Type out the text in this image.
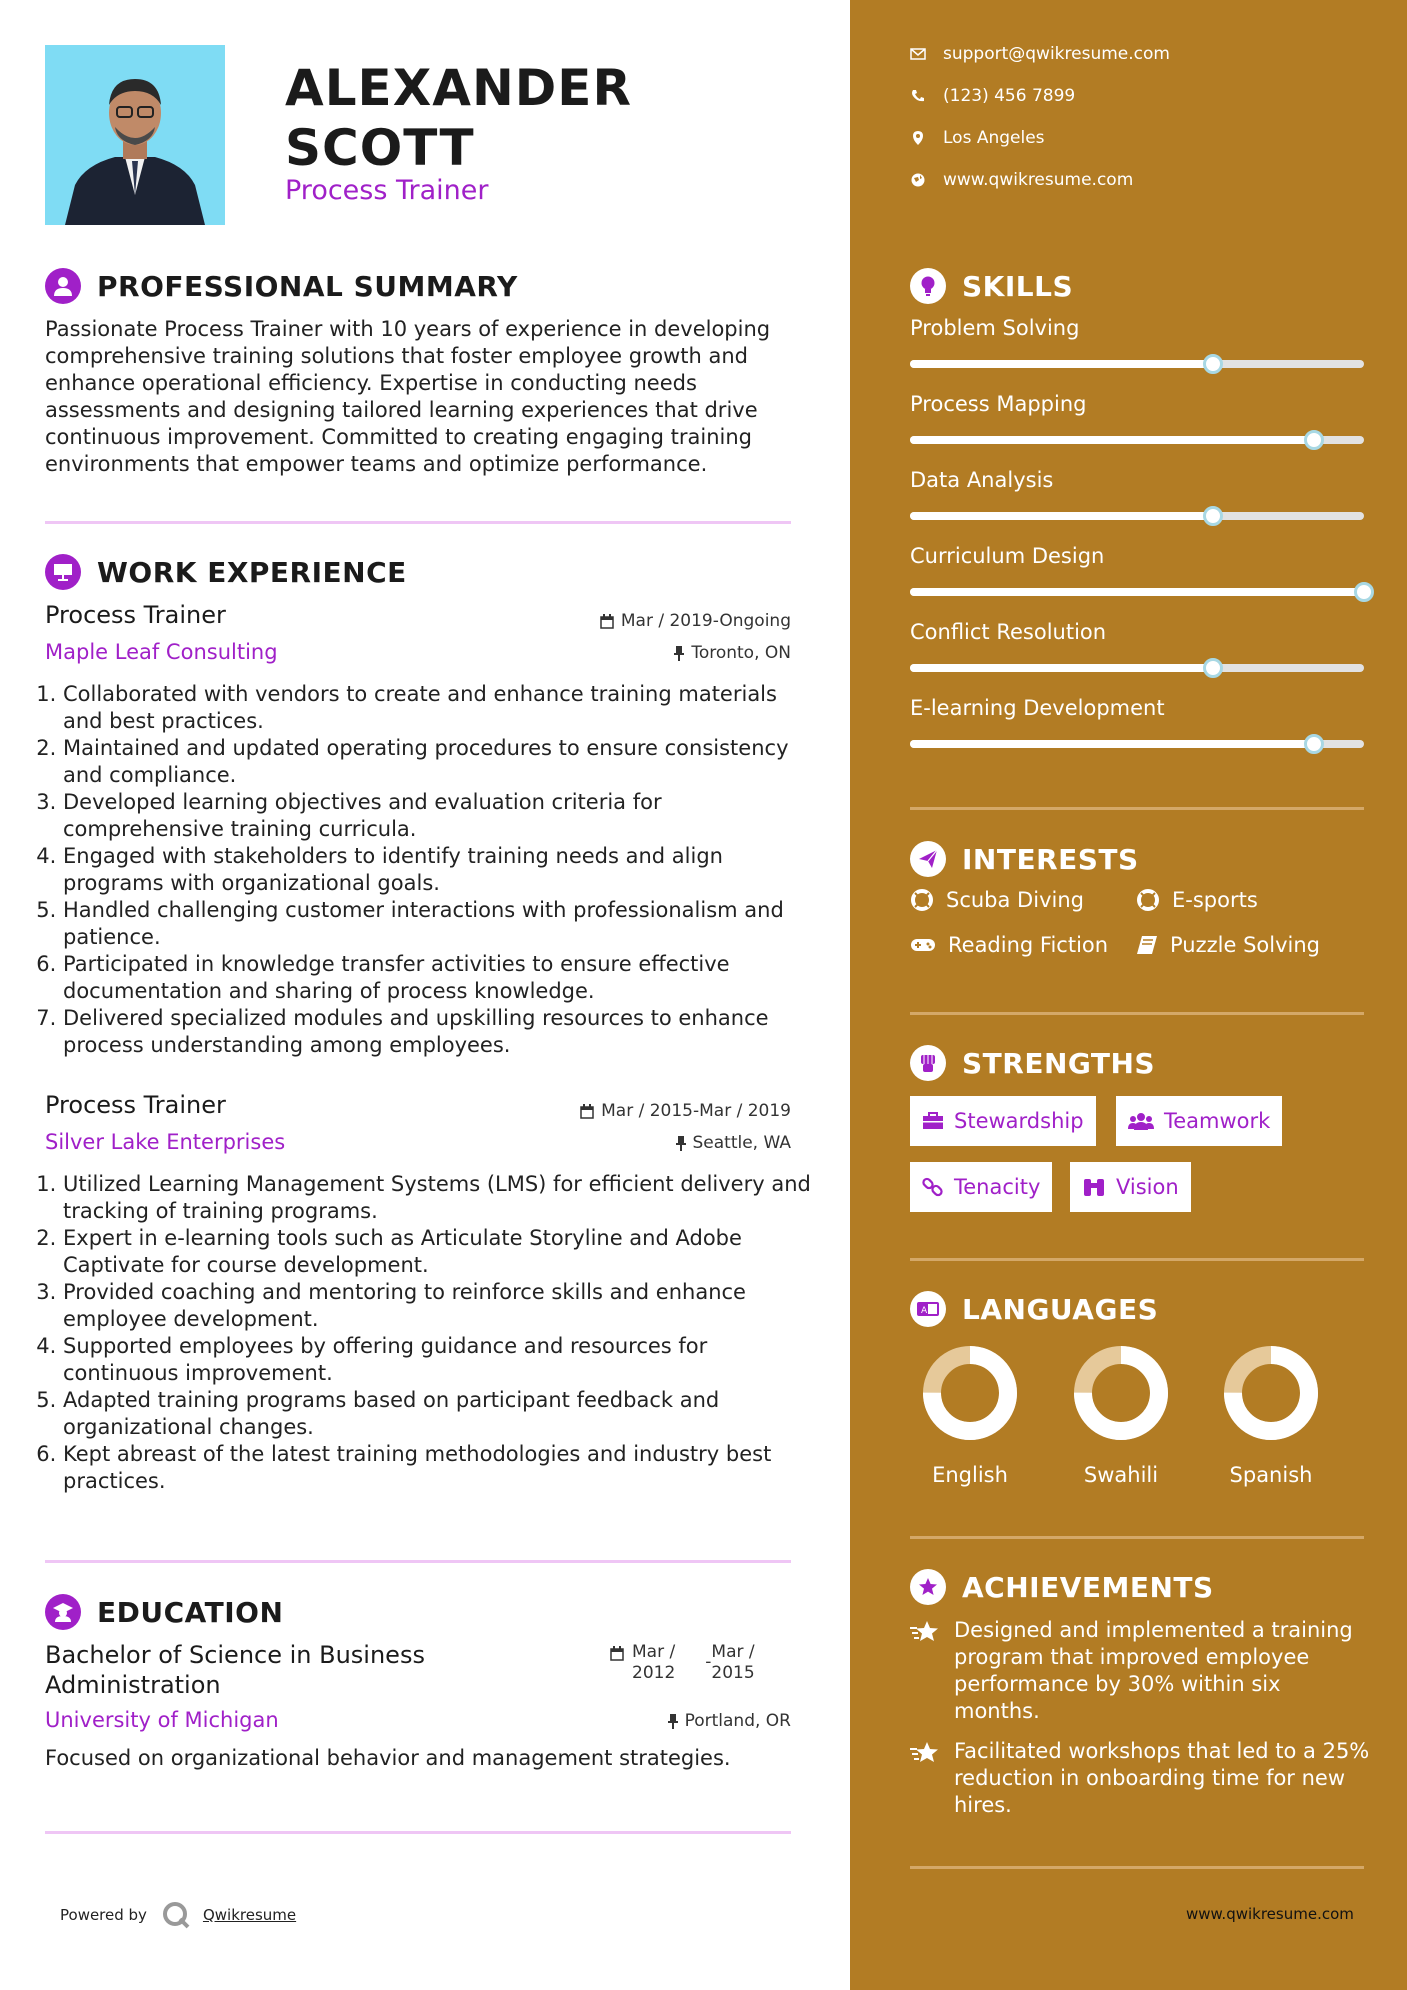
ALEXANDER
SCOTT
Process Trainer
PROFESSIONAL SUMMARY

Passionate Process Trainer with 10 years of experience in developing comprehensive training solutions that foster employee growth and enhance operational efficiency. Expertise in conducting needs assessments and designing tailored learning experiences that drive continuous improvement. Committed to creating engaging training environments that empower teams and optimize performance.

WORK EXPERIENCE
Process Trainer	Mar / 2019-Ongoing
Maple Leaf Consulting	Toronto, ON
1. Collaborated with vendors to create and enhance training materials and best practices.
2. Maintained and updated operating procedures to ensure consistency and compliance.
3. Developed learning objectives and evaluation criteria for comprehensive training curricula.
4. Engaged with stakeholders to identify training needs and align programs with organizational goals.
5. Handled challenging customer interactions with professionalism and patience.
6. Participated in knowledge transfer activities to ensure effective documentation and sharing of process knowledge.
7. Delivered specialized modules and upskilling resources to enhance process understanding among employees.
Process Trainer	Mar / 2015-Mar / 2019
Silver Lake Enterprises	Seattle, WA
1. Utilized Learning Management Systems (LMS) for efficient delivery and tracking of training programs.
2. Expert in e-learning tools such as Articulate Storyline and Adobe Captivate for course development.
3. Provided coaching and mentoring to reinforce skills and enhance employee development.
4. Supported employees by offering guidance and resources for continuous improvement.
5. Adapted training programs based on participant feedback and organizational changes.
6. Kept abreast of the latest training methodologies and industry best practices.
EDUCATION
Bachelor of Science in Business Administration
Mar /
2012
- Mar /
2015
University of Michigan	Portland, OR
Focused on organizational behavior and management strategies.
Powered by	Qwikresume
support@qwikresume.com
(123) 456 7899
Los Angeles
www.qwikresume.com
SKILLS
INTERESTS
Scuba Diving	E-sports
Reading Fiction	Puzzle Solving
STRENGTHS
Stewardship	Teamwork
Tenacity	Vision
A LANGUAGES
ACHIEVEMENTS
Designed and implemented a training program that improved employee performance by 30% within six months.
Facilitated workshops that led to a 25% reduction in onboarding time for new hires.
www.qwikresume.com
Problem Solving
Process Mapping
Data Analysis
Curriculum Design
Conflict Resolution
E-learning Development
English	Swahili	Spanish
